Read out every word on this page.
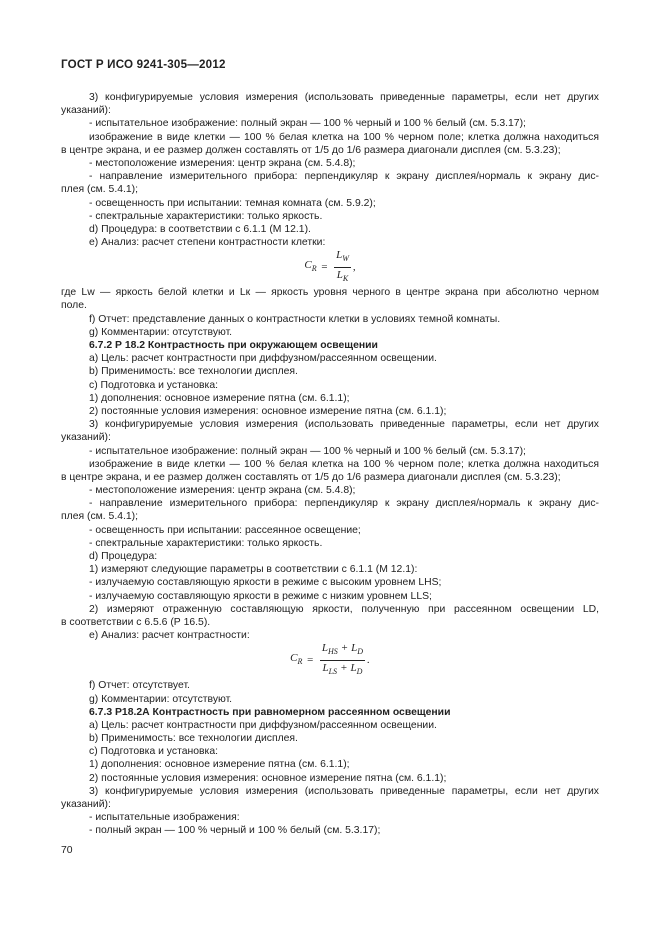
ГОСТ Р ИСО 9241-305—2012
3) конфигурируемые условия измерения (использовать приведенные параметры, если нет других
указаний):
- испытательное изображение: полный экран — 100 % черный и 100 % белый (см. 5.3.17);
изображение в виде клетки — 100 % белая клетка на 100 % черном поле; клетка должна находиться
в центре экрана, и ее размер должен составлять от 1/5 до 1/6 размера диагонали дисплея (см. 5.3.23);
- местоположение измерения: центр экрана (см. 5.4.8);
- направление измерительного прибора: перпендикуляр к экрану дисплея/нормаль к экрану дис-
плея (см. 5.4.1);
- освещенность при испытании: темная комната (см. 5.9.2);
- спектральные характеристики: только яркость.
d) Процедура: в соответствии с 6.1.1 (М 12.1).
e) Анализ: расчет степени контрастности клетки:
$C_R = \frac{L_W}{L_K}$ ,
где Lw — яркость белой клетки и Lк — яркость уровня черного в центре экрана при абсолютно черном
поле.
f) Отчет: представление данных о контрастности клетки в условиях темной комнаты.
g) Комментарии: отсутствуют.
6.7.2 Р 18.2 Контрастность при окружающем освещении
a) Цель: расчет контрастности при диффузном/рассеянном освещении.
b) Применимость: все технологии дисплея.
c) Подготовка и установка:
1) дополнения: основное измерение пятна (см. 6.1.1);
2) постоянные условия измерения: основное измерение пятна (см. 6.1.1);
3) конфигурируемые условия измерения (использовать приведенные параметры, если нет других
указаний):
- испытательное изображение: полный экран — 100 % черный и 100 % белый (см. 5.3.17);
изображение в виде клетки — 100 % белая клетка на 100 % черном поле; клетка должна находиться
в центре экрана, и ее размер должен составлять от 1/5 до 1/6 размера диагонали дисплея (см. 5.3.23);
- местоположение измерения: центр экрана (см. 5.4.8);
- направление измерительного прибора: перпендикуляр к экрану дисплея/нормаль к экрану дис-
плея (см. 5.4.1);
- освещенность при испытании: рассеянное освещение;
- спектральные характеристики: только яркость.
d) Процедура:
1) измеряют следующие параметры в соответствии с 6.1.1 (М 12.1):
- излучаемую составляющую яркости в режиме с высоким уровнем LHS;
- излучаемую составляющую яркости в режиме с низким уровнем LLS;
2) измеряют отраженную составляющую яркости, полученную при рассеянном освещении LD,
в соответствии с 6.5.6 (Р 16.5).
e) Анализ: расчет контрастности:
$C_R = \frac{L_{HS} + L_D}{L_{LS} + L_D}$ .
f) Отчет: отсутствует.
g) Комментарии: отсутствуют.
6.7.3 Р18.2А Контрастность при равномерном рассеянном освещении
a) Цель: расчет контрастности при диффузном/рассеянном освещении.
b) Применимость: все технологии дисплея.
c) Подготовка и установка:
1) дополнения: основное измерение пятна (см. 6.1.1);
2) постоянные условия измерения: основное измерение пятна (см. 6.1.1);
3) конфигурируемые условия измерения (использовать приведенные параметры, если нет других
указаний):
- испытательные изображения:
- полный экран — 100 % черный и 100 % белый (см. 5.3.17);
70
